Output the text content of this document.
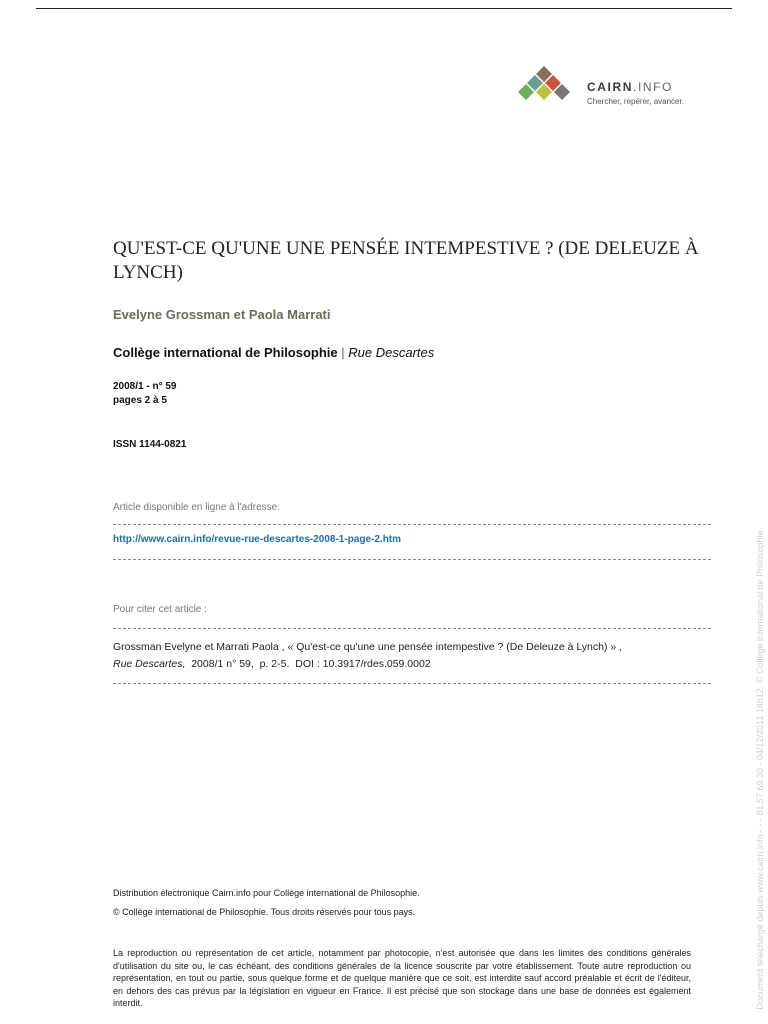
CAIRN.INFO
Chercher, repérer, avancer.
QU'EST-CE QU'UNE UNE PENSÉE INTEMPESTIVE ? (DE DELEUZE À LYNCH)
Evelyne Grossman et Paola Marrati
Collège international de Philosophie | Rue Descartes
2008/1 - n° 59
pages 2 à 5
ISSN 1144-0821
Article disponible en ligne à l'adresse:
http://www.cairn.info/revue-rue-descartes-2008-1-page-2.htm
Pour citer cet article :
Grossman Evelyne et Marrati Paola , « Qu'est-ce qu'une une pensée intempestive ? (De Deleuze à Lynch) » ,
Rue Descartes,  2008/1 n° 59,  p. 2-5.  DOI : 10.3917/rdes.059.0002
Distribution électronique Cairn.info pour Collège international de Philosophie.
© Collège international de Philosophie. Tous droits réservés pour tous pays.

La reproduction ou représentation de cet article, notamment par photocopie, n'est autorisée que dans les limites des conditions générales d'utilisation du site ou, le cas échéant, des conditions générales de la licence souscrite par votre établissement. Toute autre reproduction ou représentation, en tout ou partie, sous quelque forme et de quelque manière que ce soit, est interdite sauf accord préalable et écrit de l'éditeur, en dehors des cas prévus par la législation en vigueur en France. Il est précisé que son stockage dans une base de données est également interdit.	Document téléchargé depuis www.cairn.info - - - 81.57.69.30 - 04/12/2011 14h12. © Collège international de Philosophie
